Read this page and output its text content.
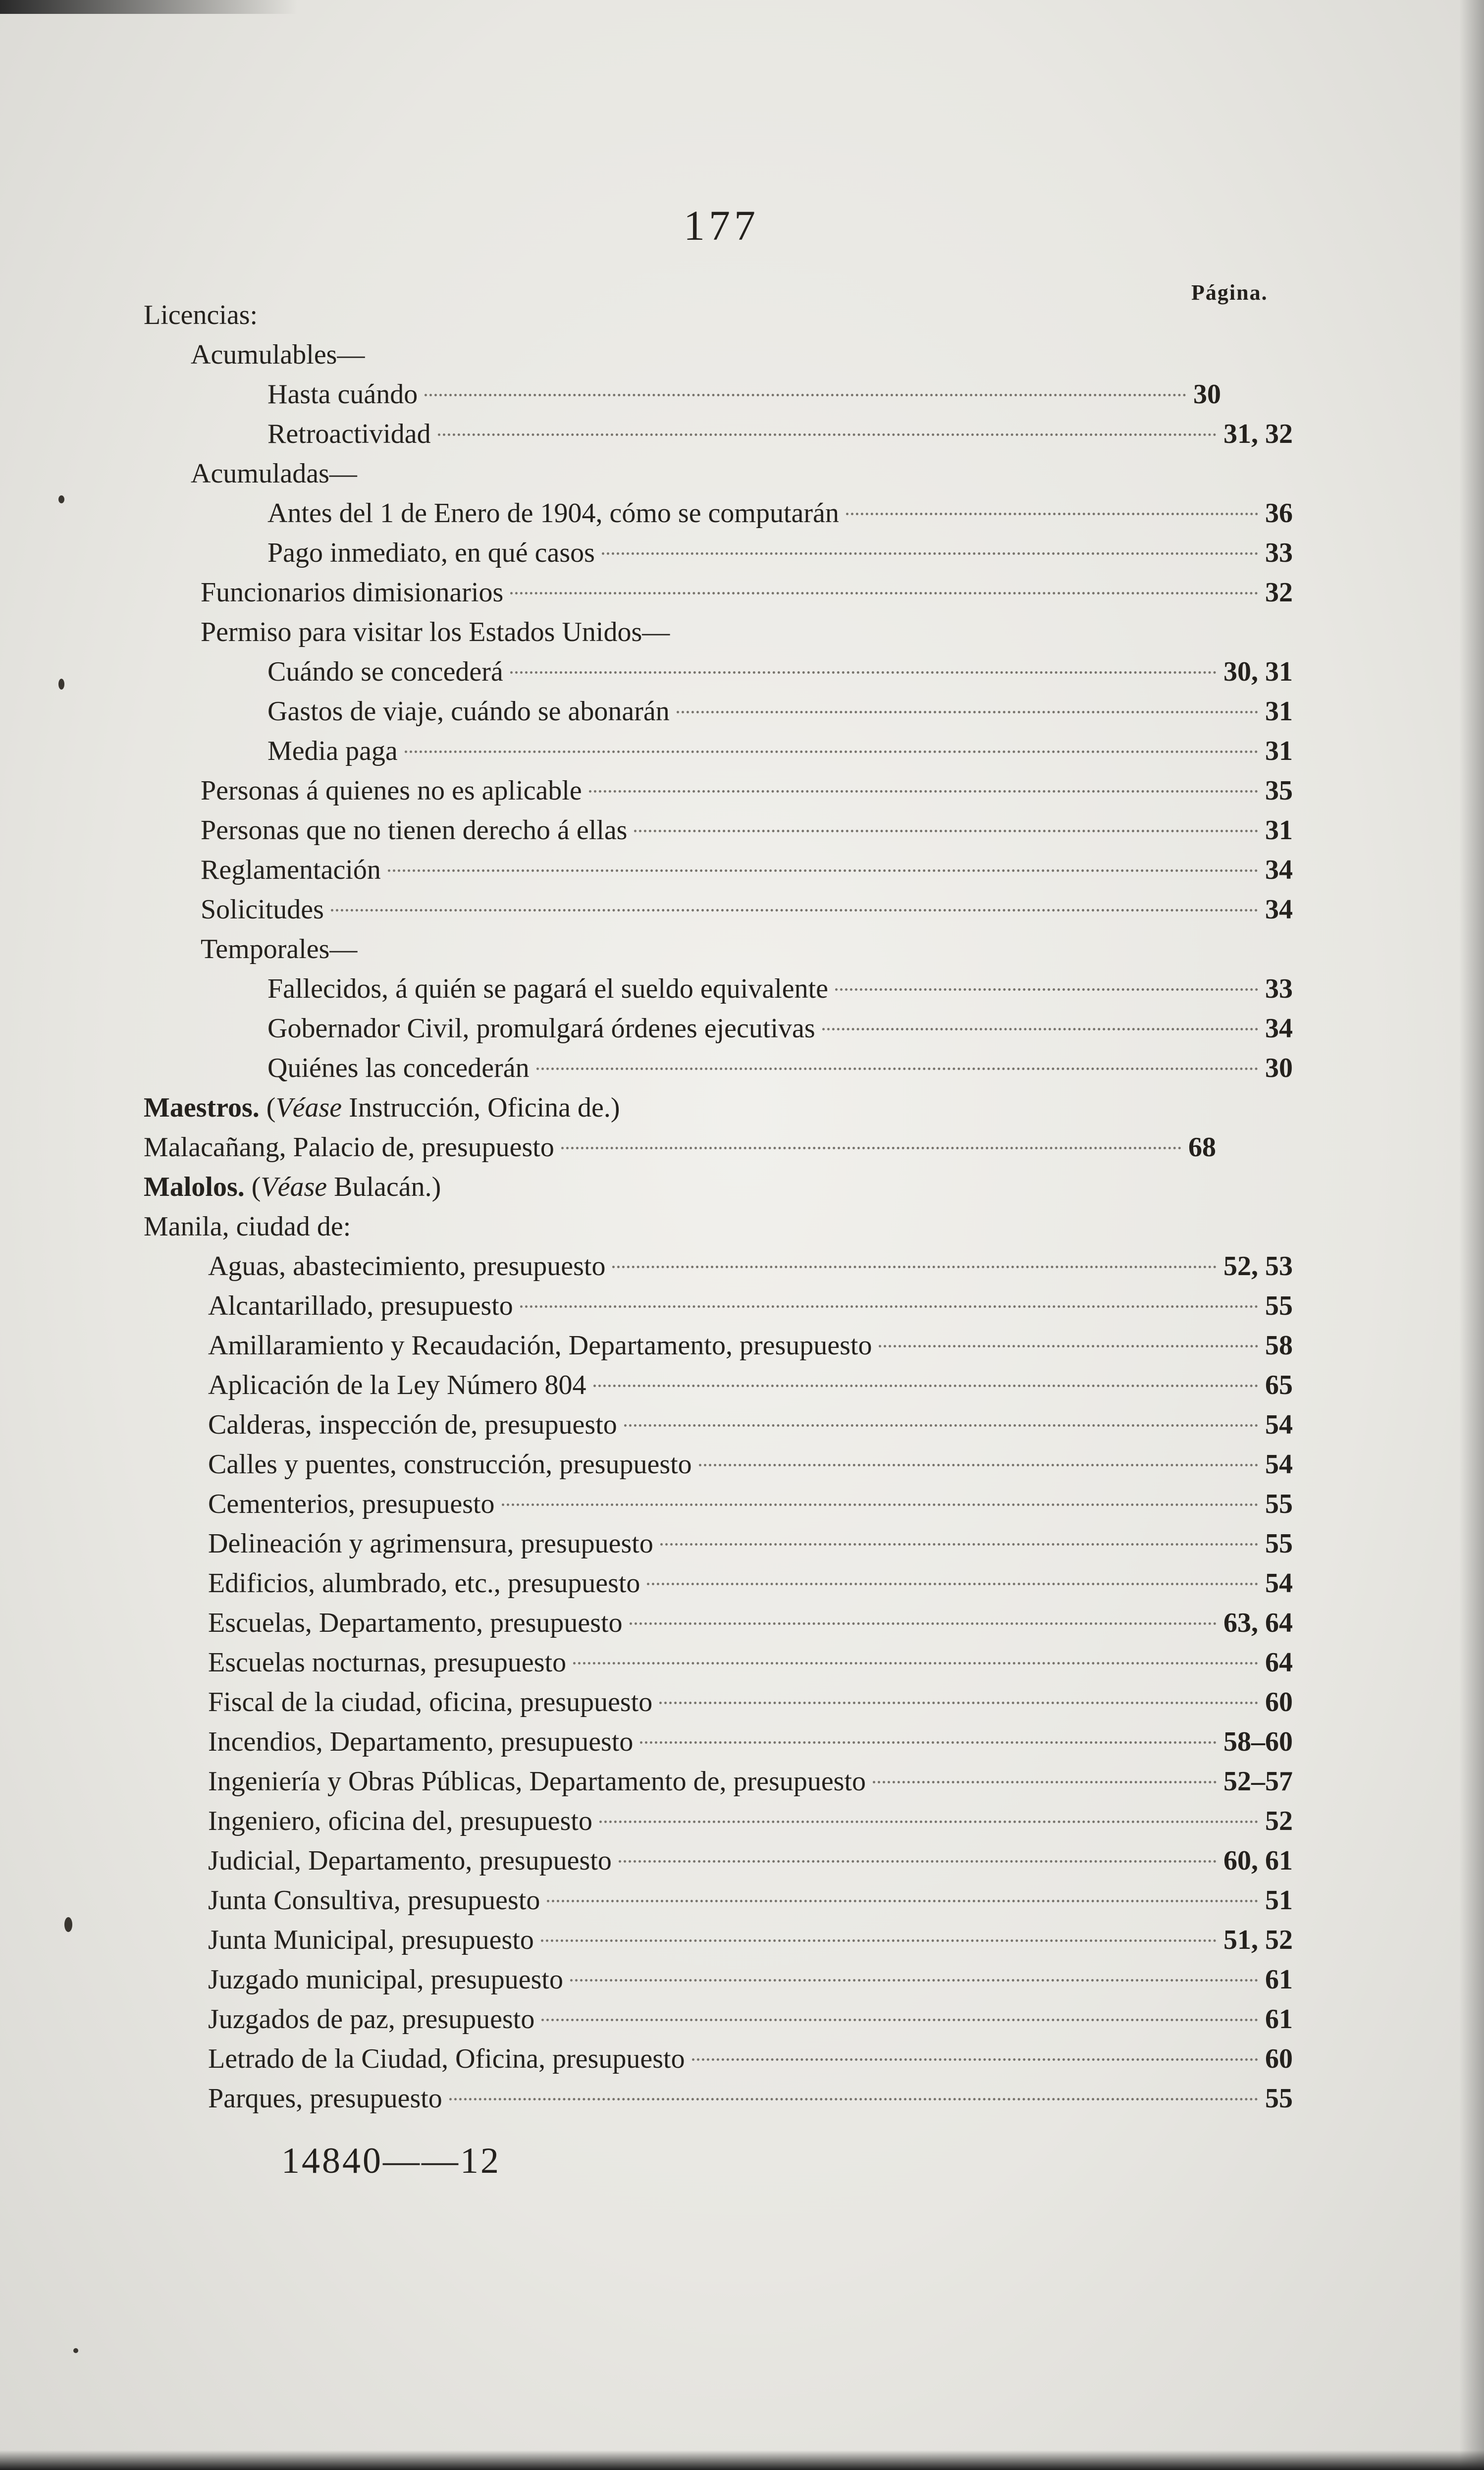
177
Página.
Licencias:
Acumulables—
Hasta cuándo	30
Retroactividad	31, 32
Acumuladas—
Antes del 1 de Enero de 1904, cómo se computarán	36
Pago inmediato, en qué casos	33
Funcionarios dimisionarios	32
Permiso para visitar los Estados Unidos—
Cuándo se concederá	30, 31
Gastos de viaje, cuándo se abonarán	31
Media paga	31
Personas á quienes no es aplicable	35
Personas que no tienen derecho á ellas	31
Reglamentación	34
Solicitudes	34
Temporales—
Fallecidos, á quién se pagará el sueldo equivalente	33
Gobernador Civil, promulgará órdenes ejecutivas	34
Quiénes las concederán	30
Maestros. (Véase Instrucción, Oficina de.)
Malacañang, Palacio de, presupuesto	68
Malolos. (Véase Bulacán.)
Manila, ciudad de:
Aguas, abastecimiento, presupuesto	52, 53
Alcantarillado, presupuesto	55
Amillaramiento y Recaudación, Departamento, presupuesto	58
Aplicación de la Ley Número 804	65
Calderas, inspección de, presupuesto	54
Calles y puentes, construcción, presupuesto	54
Cementerios, presupuesto	55
Delineación y agrimensura, presupuesto	55
Edificios, alumbrado, etc., presupuesto	54
Escuelas, Departamento, presupuesto	63, 64
Escuelas nocturnas, presupuesto	64
Fiscal de la ciudad, oficina, presupuesto	60
Incendios, Departamento, presupuesto	58–60
Ingeniería y Obras Públicas, Departamento de, presupuesto	52–57
Ingeniero, oficina del, presupuesto	52
Judicial, Departamento, presupuesto	60, 61
Junta Consultiva, presupuesto	51
Junta Municipal, presupuesto	51, 52
Juzgado municipal, presupuesto	61
Juzgados de paz, presupuesto	61
Letrado de la Ciudad, Oficina, presupuesto	60
Parques, presupuesto	55
14840——12
